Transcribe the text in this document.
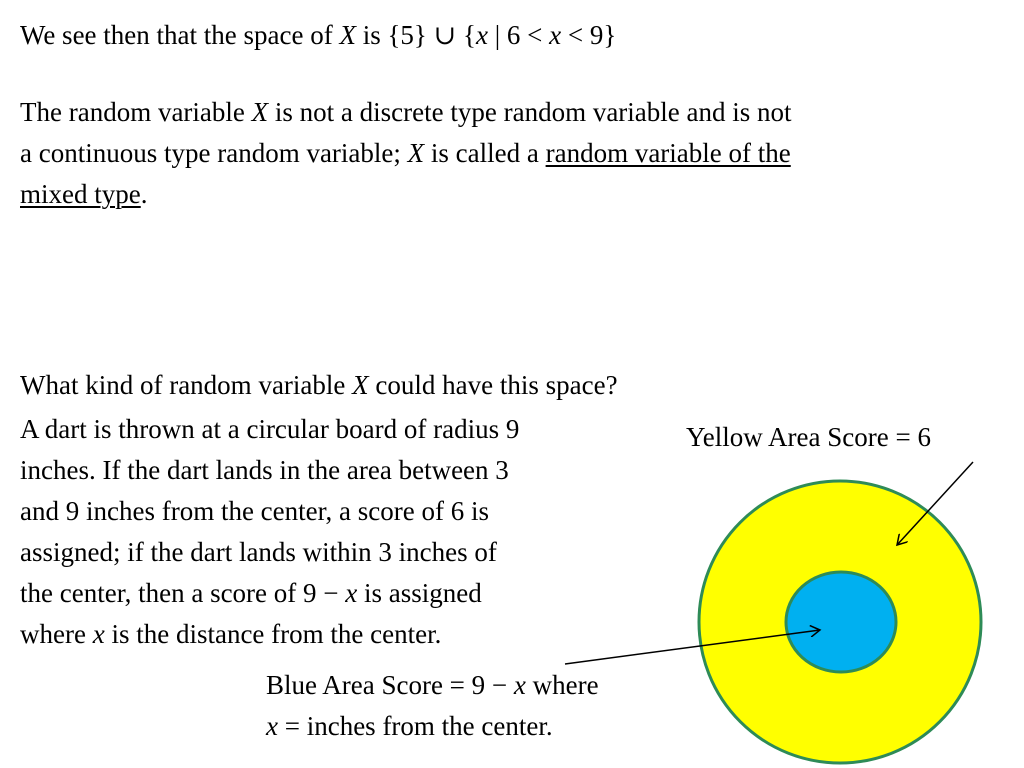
We see then that the space of X is {5} ∪ {x | 6 < x < 9}
The random variable X is not a discrete type random variable and is not
a continuous type random variable; X is called a random variable of the
mixed type.
What kind of random variable X could have this space?
A dart is thrown at a circular board of radius 9
inches. If the dart lands in the area between 3
and 9 inches from the center, a score of 6 is
assigned; if the dart lands within 3 inches of
the center, then a score of 9 − x is assigned
where x is the distance from the center.
Yellow Area Score = 6
Blue Area Score = 9 − x where
x = inches from the center.
